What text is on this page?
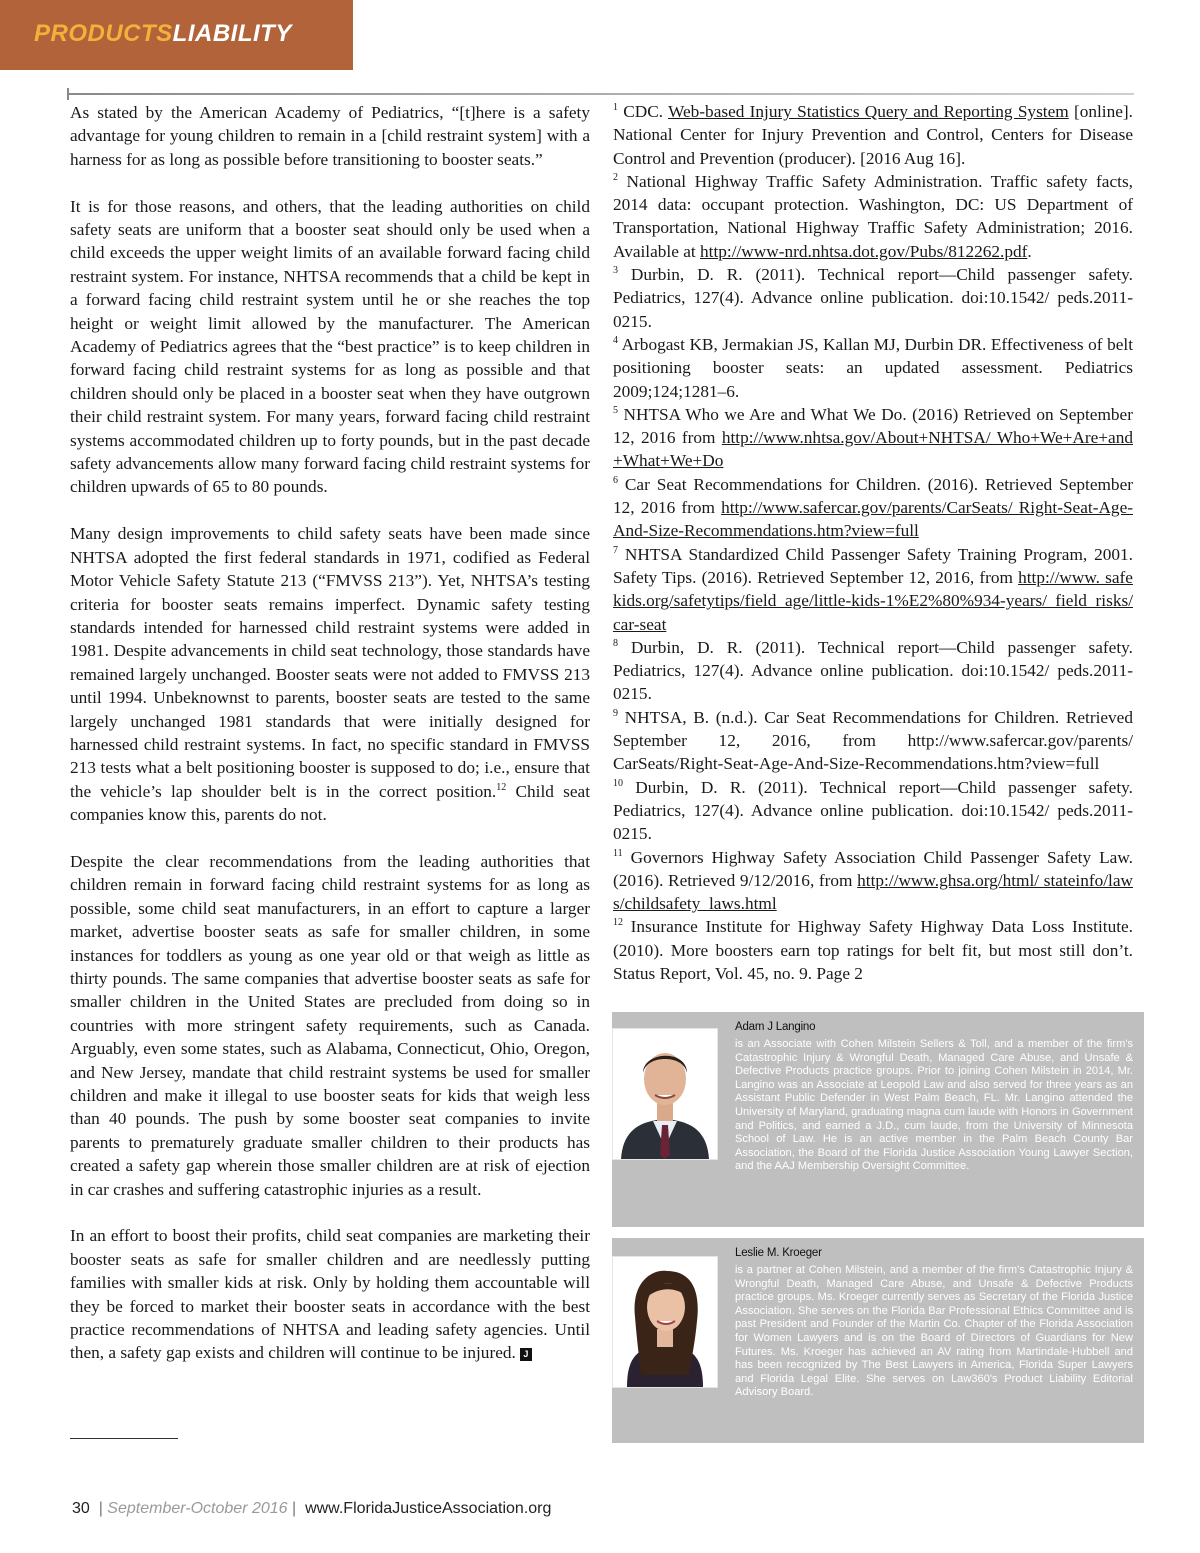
PRODUCTSLIABILITY

As stated by the American Academy of Pediatrics, “[t]here is a safety advantage for young children to remain in a [child restraint system] with a harness for as long as possible before transitioning to booster seats.”

It is for those reasons, and others, that the leading authorities on child safety seats are uniform that a booster seat should only be used when a child exceeds the upper weight limits of an available forward facing child restraint system. For instance, NHTSA recommends that a child be kept in a forward facing child restraint system until he or she reaches the top height or weight limit allowed by the manufacturer. The American Academy of Pediatrics agrees that the “best practice” is to keep children in forward facing child restraint systems for as long as possible and that children should only be placed in a booster seat when they have outgrown their child restraint system. For many years, forward facing child restraint systems accommodated children up to forty pounds, but in the past decade safety advancements allow many forward facing child restraint systems for children upwards of 65 to 80 pounds.

Many design improvements to child safety seats have been made since NHTSA adopted the first federal standards in 1971, codified as Federal Motor Vehicle Safety Statute 213 (“FMVSS 213”). Yet, NHTSA’s testing criteria for booster seats remains imperfect. Dynamic safety testing standards intended for harnessed child restraint systems were added in 1981. Despite advancements in child seat technology, those standards have remained largely unchanged. Booster seats were not added to FMVSS 213 until 1994. Unbeknownst to parents, booster seats are tested to the same largely unchanged 1981 standards that were initially designed for harnessed child restraint systems. In fact, no specific standard in FMVSS 213 tests what a belt positioning booster is supposed to do; i.e., ensure that the vehicle’s lap shoulder belt is in the correct position.$^{12}$ Child seat companies know this, parents do not.

Despite the clear recommendations from the leading authorities that children remain in forward facing child restraint systems for as long as possible, some child seat manufacturers, in an effort to capture a larger market, advertise booster seats as safe for smaller children, in some instances for toddlers as young as one year old or that weigh as little as thirty pounds. The same companies that advertise booster seats as safe for smaller children in the United States are precluded from doing so in countries with more stringent safety requirements, such as Canada. Arguably, even some states, such as Alabama, Connecticut, Ohio, Oregon, and New Jersey, mandate that child restraint systems be used for smaller children and make it illegal to use booster seats for kids that weigh less than 40 pounds. The push by some booster seat companies to invite parents to prematurely graduate smaller children to their products has created a safety gap wherein those smaller children are at risk of ejection in car crashes and suffering catastrophic injuries as a result.

In an effort to boost their profits, child seat companies are marketing their booster seats as safe for smaller children and are needlessly putting families with smaller kids at risk. Only by holding them accountable will they be forced to market their booster seats in accordance with the best practice recommendations of NHTSA and leading safety agencies. Until then, a safety gap exists and children will continue to be injured. J

$^1$ CDC. Web-based Injury Statistics Query and Reporting System [online]. National Center for Injury Prevention and Control, Centers for Disease Control and Prevention (producer). [2016 Aug 16].

$^2$ National Highway Traffic Safety Administration. Traffic safety facts, 2014 data: occupant protection. Washington, DC: US Department of Transportation, National Highway Traffic Safety Administration; 2016. Available at http://www-nrd.nhtsa.dot.gov/Pubs/812262.pdf.

$^3$ Durbin, D. R. (2011). Technical report—Child passenger safety. Pediatrics, 127(4). Advance online publication. doi:10.1542/ peds.2011-0215.

$^4$ Arbogast KB, Jermakian JS, Kallan MJ, Durbin DR. Effectiveness of belt positioning booster seats: an updated assessment. Pediatrics 2009;124;1281–6.

$^5$ NHTSA Who we Are and What We Do. (2016) Retrieved on September 12, 2016 from http://www.nhtsa.gov/About+NHTSA/ Who+We+Are+and+What+We+Do

$^6$ Car Seat Recommendations for Children. (2016). Retrieved September 12, 2016 from http://www.safercar.gov/parents/CarSeats/ Right-Seat-Age-And-Size-Recommendations.htm?view=full

$^7$ NHTSA Standardized Child Passenger Safety Training Program, 2001. Safety Tips. (2016). Retrieved September 12, 2016, from http://www. safekids.org/safetytips/field_age/little-kids-1%E2%80%934-years/ field_risks/car-seat

$^8$ Durbin, D. R. (2011). Technical report—Child passenger safety. Pediatrics, 127(4). Advance online publication. doi:10.1542/ peds.2011-0215.

$^9$ NHTSA, B. (n.d.). Car Seat Recommendations for Children. Retrieved September 12, 2016, from http://www.safercar.gov/parents/ CarSeats/Right-Seat-Age-And-Size-Recommendations.htm?view=full

$^{10}$ Durbin, D. R. (2011). Technical report—Child passenger safety. Pediatrics, 127(4). Advance online publication. doi:10.1542/ peds.2011-0215.

$^{11}$ Governors Highway Safety Association Child Passenger Safety Law. (2016). Retrieved 9/12/2016, from http://www.ghsa.org/html/ stateinfo/laws/childsafety_laws.html

$^{12}$ Insurance Institute for Highway Safety Highway Data Loss Institute. (2010). More boosters earn top ratings for belt fit, but most still don’t. Status Report, Vol. 45, no. 9. Page 2

Adam J Langino
is an Associate with Cohen Milstein Sellers & Toll, and a member of the firm's Catastrophic Injury & Wrongful Death, Managed Care Abuse, and Unsafe & Defective Products practice groups. Prior to joining Cohen Milstein in 2014, Mr. Langino was an Associate at Leopold Law and also served for three years as an Assistant Public Defender in West Palm Beach, FL. Mr. Langino attended the University of Maryland, graduating magna cum laude with Honors in Government and Politics, and earned a J.D., cum laude, from the University of Minnesota School of Law. He is an active member in the Palm Beach County Bar Association, the Board of the Florida Justice Association Young Lawyer Section, and the AAJ Membership Oversight Committee.
Leslie M. Kroeger
is a partner at Cohen Milstein, and a member of the firm's Catastrophic Injury & Wrongful Death, Managed Care Abuse, and Unsafe & Defective Products practice groups. Ms. Kroeger currently serves as Secretary of the Florida Justice Association. She serves on the Florida Bar Professional Ethics Committee and is past President and Founder of the Martin Co. Chapter of the Florida Association for Women Lawyers and is on the Board of Directors of Guardians for New Futures. Ms. Kroeger has achieved an AV rating from Martindale-Hubbell and has been recognized by The Best Lawyers in America, Florida Super Lawyers and Florida Legal Elite. She serves on Law360's Product Liability Editorial Advisory Board.
30 | September-October 2016 | www.FloridaJusticeAssociation.org
